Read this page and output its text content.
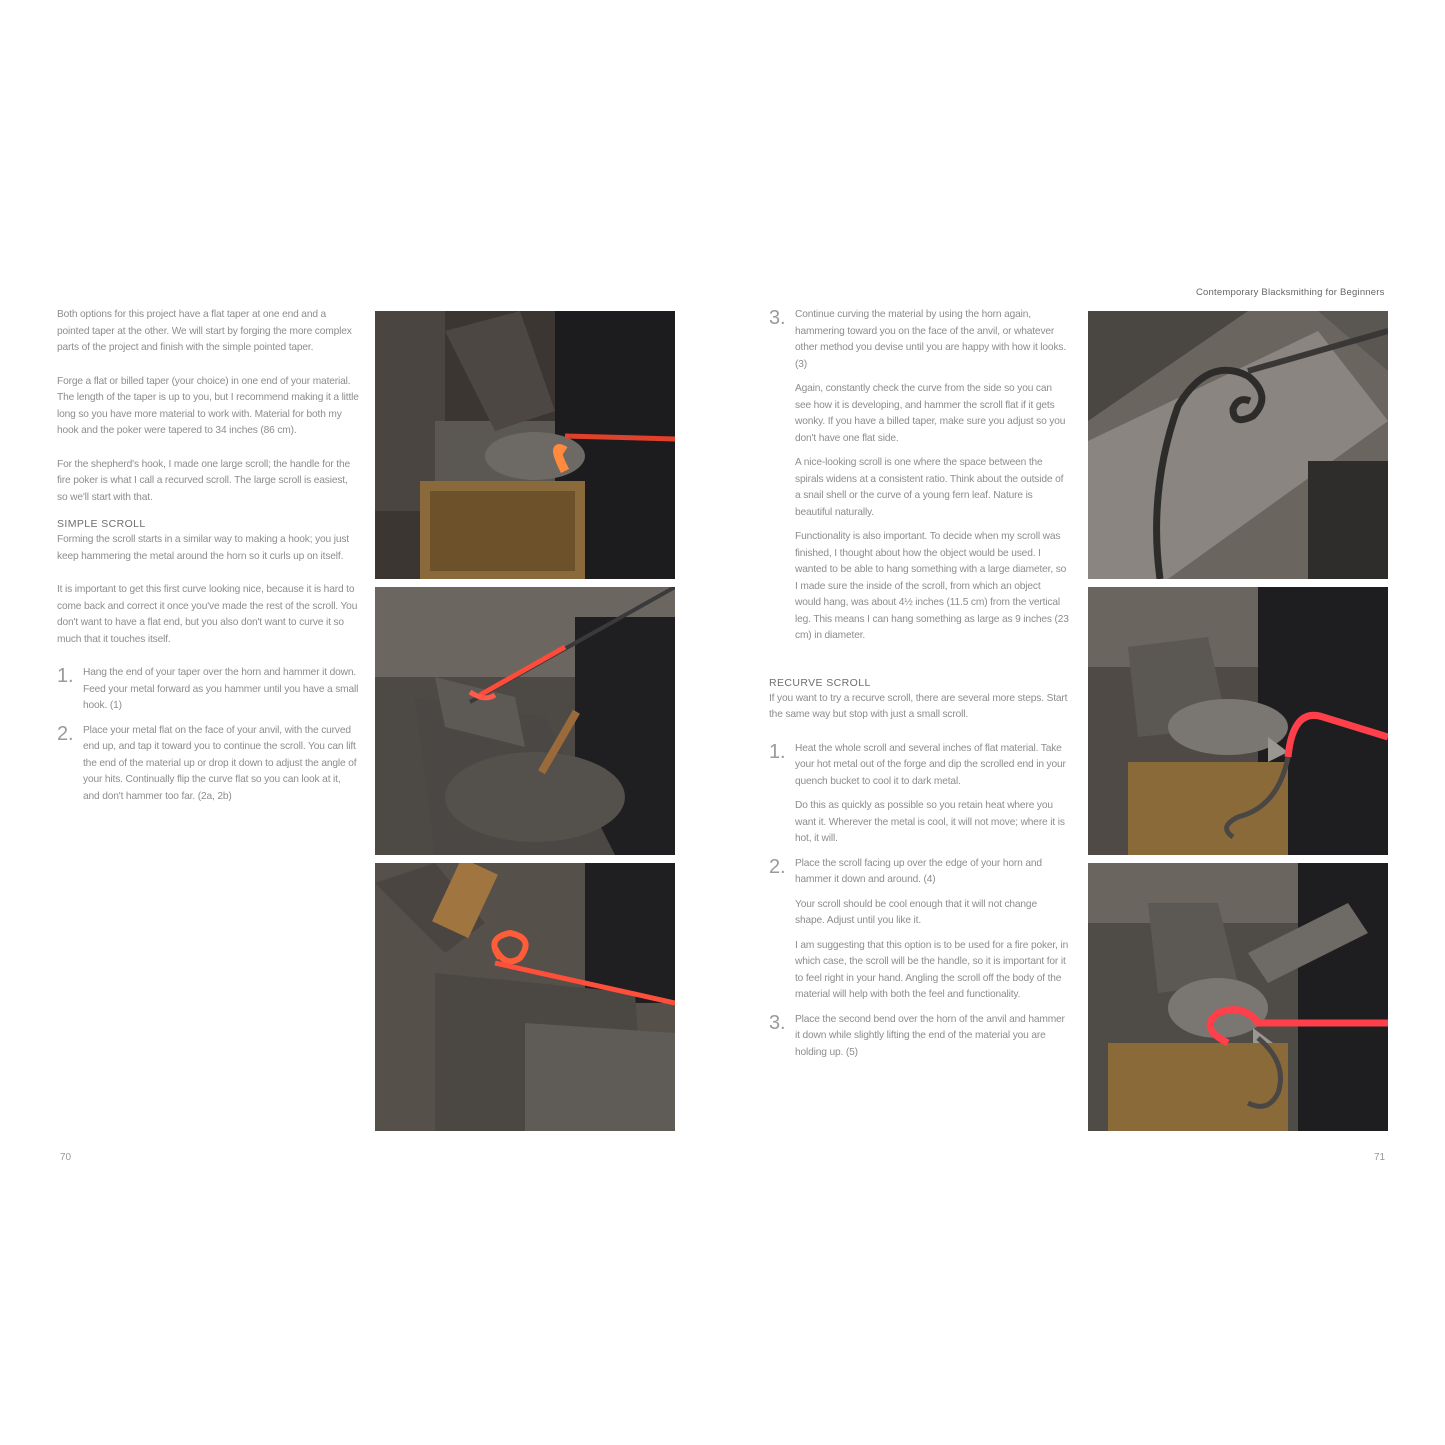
Contemporary Blacksmithing for Beginners

Both options for this project have a flat taper at one end and a pointed taper at the other. We will start by forging the more complex parts of the project and finish with the simple pointed taper.

Forge a flat or billed taper (your choice) in one end of your material. The length of the taper is up to you, but I recommend making it a little long so you have more material to work with. Material for both my hook and the poker were tapered to 34 inches (86 cm).

For the shepherd's hook, I made one large scroll; the handle for the fire poker is what I call a recurved scroll. The large scroll is easiest, so we'll start with that.

SIMPLE SCROLL

Forming the scroll starts in a similar way to making a hook; you just keep hammering the metal around the horn so it curls up on itself.

It is important to get this first curve looking nice, because it is hard to come back and correct it once you've made the rest of the scroll. You don't want to have a flat end, but you also don't want to curve it so much that it touches itself.

1. Hang the end of your taper over the horn and hammer it down. Feed your metal forward as you hammer until you have a small hook. (1)
2. Place your metal flat on the face of your anvil, with the curved end up, and tap it toward you to continue the scroll. You can lift the end of the material up or drop it down to adjust the angle of your hits. Continually flip the curve flat so you can look at it, and don't hammer too far. (2a, 2b)
3. Continue curving the material by using the horn again, hammering toward you on the face of the anvil, or whatever other method you devise until you are happy with how it looks. (3)
Again, constantly check the curve from the side so you can see how it is developing, and hammer the scroll flat if it gets wonky. If you have a billed taper, make sure you adjust so you don't have one flat side.
A nice-looking scroll is one where the space between the spirals widens at a consistent ratio. Think about the outside of a snail shell or the curve of a young fern leaf. Nature is beautiful naturally.
Functionality is also important. To decide when my scroll was finished, I thought about how the object would be used. I wanted to be able to hang something with a large diameter, so I made sure the inside of the scroll, from which an object would hang, was about 4½ inches (11.5 cm) from the vertical leg. This means I can hang something as large as 9 inches (23 cm) in diameter.
RECURVE SCROLL

If you want to try a recurve scroll, there are several more steps. Start the same way but stop with just a small scroll.

1. Heat the whole scroll and several inches of flat material. Take your hot metal out of the forge and dip the scrolled end in your quench bucket to cool it to dark metal.
Do this as quickly as possible so you retain heat where you want it. Wherever the metal is cool, it will not move; where it is hot, it will.
2. Place the scroll facing up over the edge of your horn and hammer it down and around. (4)
Your scroll should be cool enough that it will not change shape. Adjust until you like it.
I am suggesting that this option is to be used for a fire poker, in which case, the scroll will be the handle, so it is important for it to feel right in your hand. Angling the scroll off the body of the material will help with both the feel and functionality.
3. Place the second bend over the horn of the anvil and hammer it down while slightly lifting the end of the material you are holding up. (5)
70	71
